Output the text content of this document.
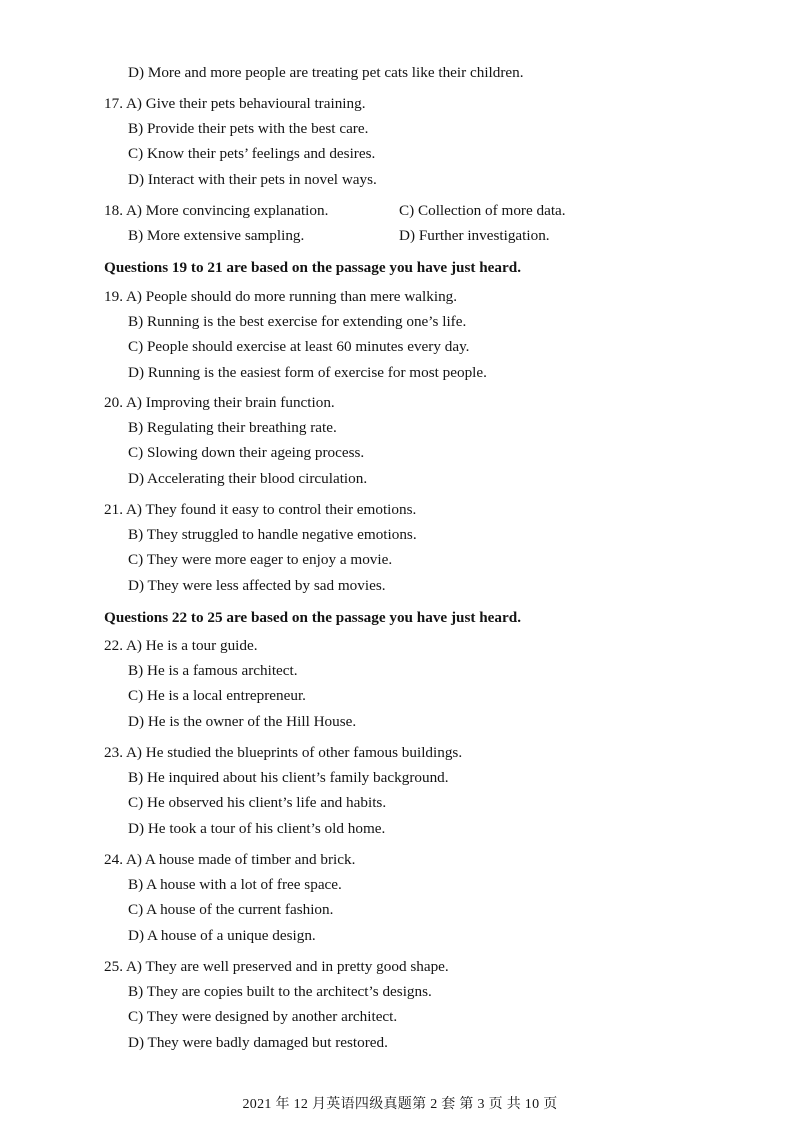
D) More and more people are treating pet cats like their children.
17. A) Give their pets behavioural training.
B) Provide their pets with the best care.
C) Know their pets’ feelings and desires.
D) Interact with their pets in novel ways.
18. A) More convincing explanation.	C) Collection of more data.
B) More extensive sampling.	D) Further investigation.
Questions 19 to 21 are based on the passage you have just heard.
19. A) People should do more running than mere walking.
B) Running is the best exercise for extending one’s life.
C) People should exercise at least 60 minutes every day.
D) Running is the easiest form of exercise for most people.
20. A) Improving their brain function.
B) Regulating their breathing rate.
C) Slowing down their ageing process.
D) Accelerating their blood circulation.
21. A) They found it easy to control their emotions.
B) They struggled to handle negative emotions.
C) They were more eager to enjoy a movie.
D) They were less affected by sad movies.
Questions 22 to 25 are based on the passage you have just heard.
22. A) He is a tour guide.
B) He is a famous architect.
C) He is a local entrepreneur.
D) He is the owner of the Hill House.
23. A) He studied the blueprints of other famous buildings.
B) He inquired about his client’s family background.
C) He observed his client’s life and habits.
D) He took a tour of his client’s old home.
24. A) A house made of timber and brick.
B) A house with a lot of free space.
C) A house of the current fashion.
D) A house of a unique design.
25. A) They are well preserved and in pretty good shape.
B) They are copies built to the architect’s designs.
C) They were designed by another architect.
D) They were badly damaged but restored.
2021 年 12 月英语四级真题第 2 套 第 3 页 共 10 页
